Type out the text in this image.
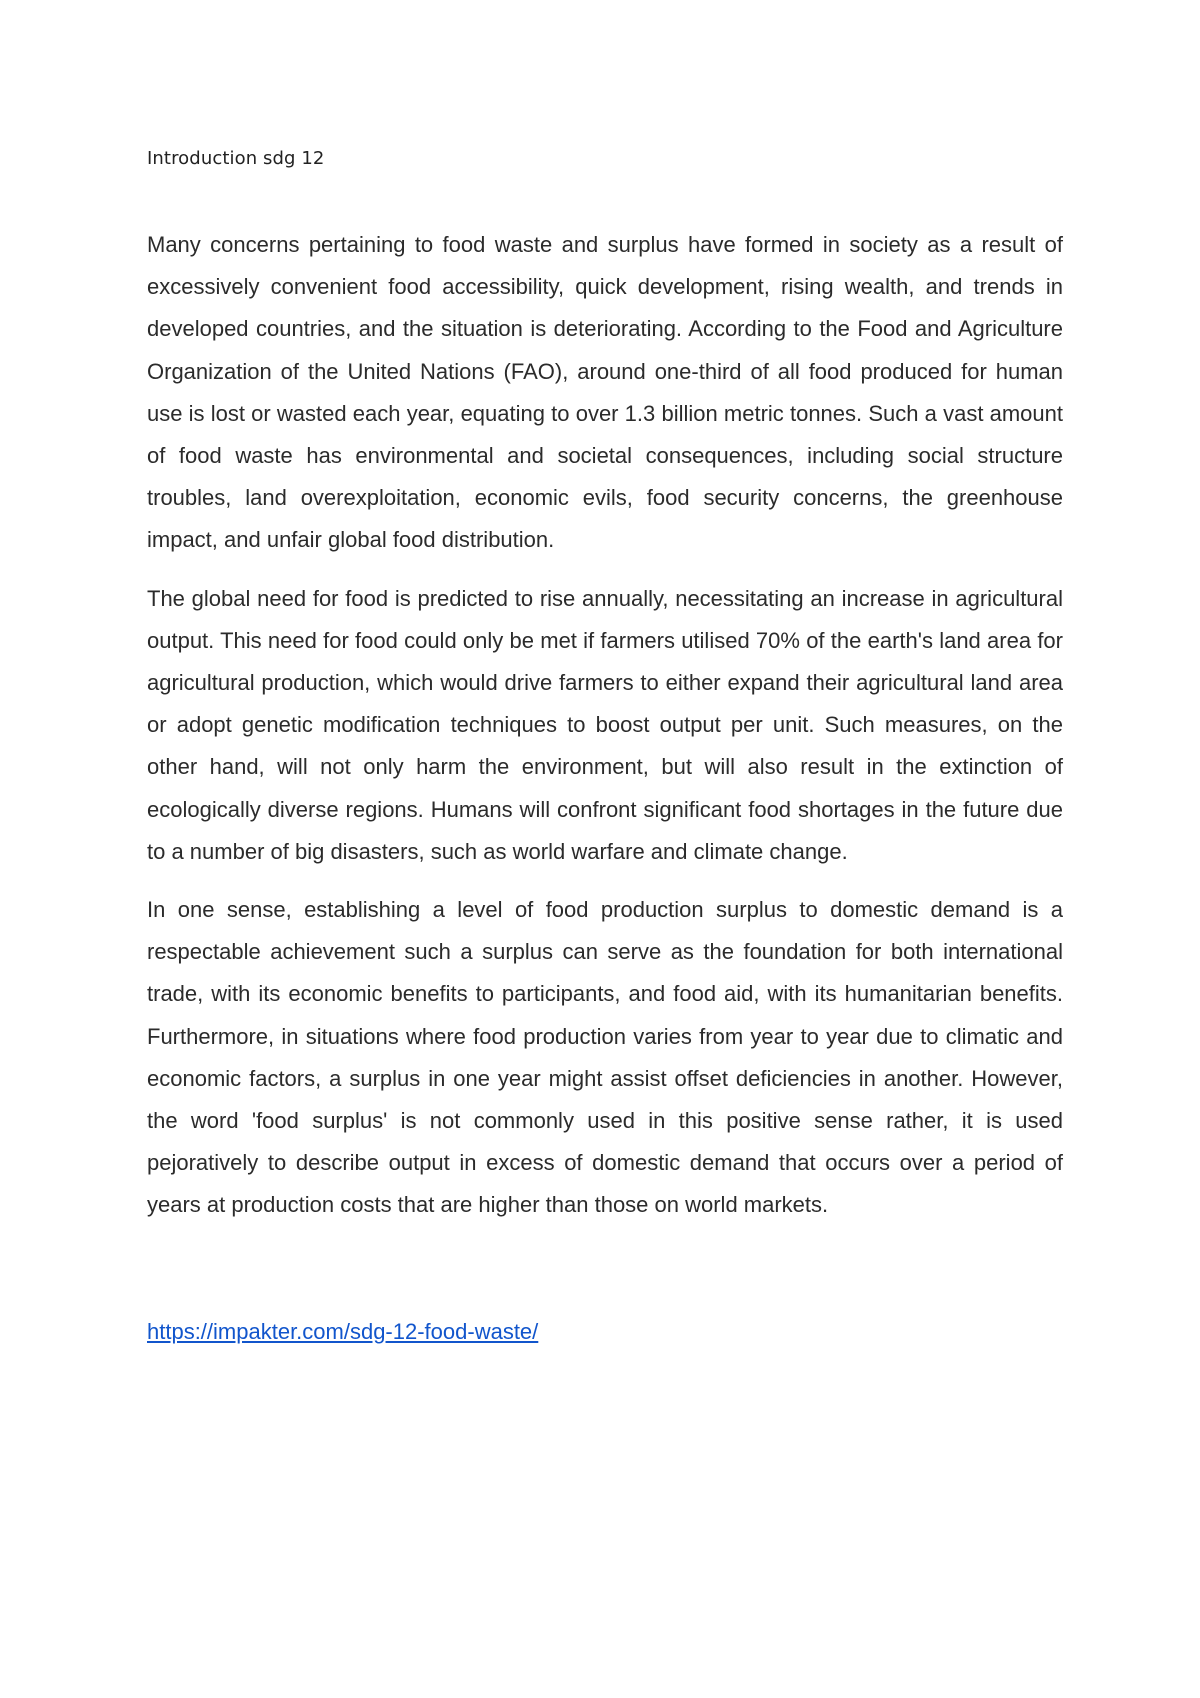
Introduction sdg 12

Many concerns pertaining to food waste and surplus have formed in society as a result of excessively convenient food accessibility, quick development, rising wealth, and trends in developed countries, and the situation is deteriorating. According to the Food and Agriculture Organization of the United Nations (FAO), around one-third of all food produced for human use is lost or wasted each year, equating to over 1.3 billion metric tonnes. Such a vast amount of food waste has environmental and societal consequences, including social structure troubles, land overexploitation, economic evils, food security concerns, the greenhouse impact, and unfair global food distribution.

The global need for food is predicted to rise annually, necessitating an increase in agricultural output. This need for food could only be met if farmers utilised 70% of the earth's land area for agricultural production, which would drive farmers to either expand their agricultural land area or adopt genetic modification techniques to boost output per unit. Such measures, on the other hand, will not only harm the environment, but will also result in the extinction of ecologically diverse regions. Humans will confront significant food shortages in the future due to a number of big disasters, such as world warfare and climate change.

In one sense, establishing a level of food production surplus to domestic demand is a respectable achievement such a surplus can serve as the foundation for both international trade, with its economic benefits to participants, and food aid, with its humanitarian benefits. Furthermore, in situations where food production varies from year to year due to climatic and economic factors, a surplus in one year might assist offset deficiencies in another. However, the word 'food surplus' is not commonly used in this positive sense rather, it is used pejoratively to describe output in excess of domestic demand that occurs over a period of years at production costs that are higher than those on world markets.

https://impakter.com/sdg-12-food-waste/
